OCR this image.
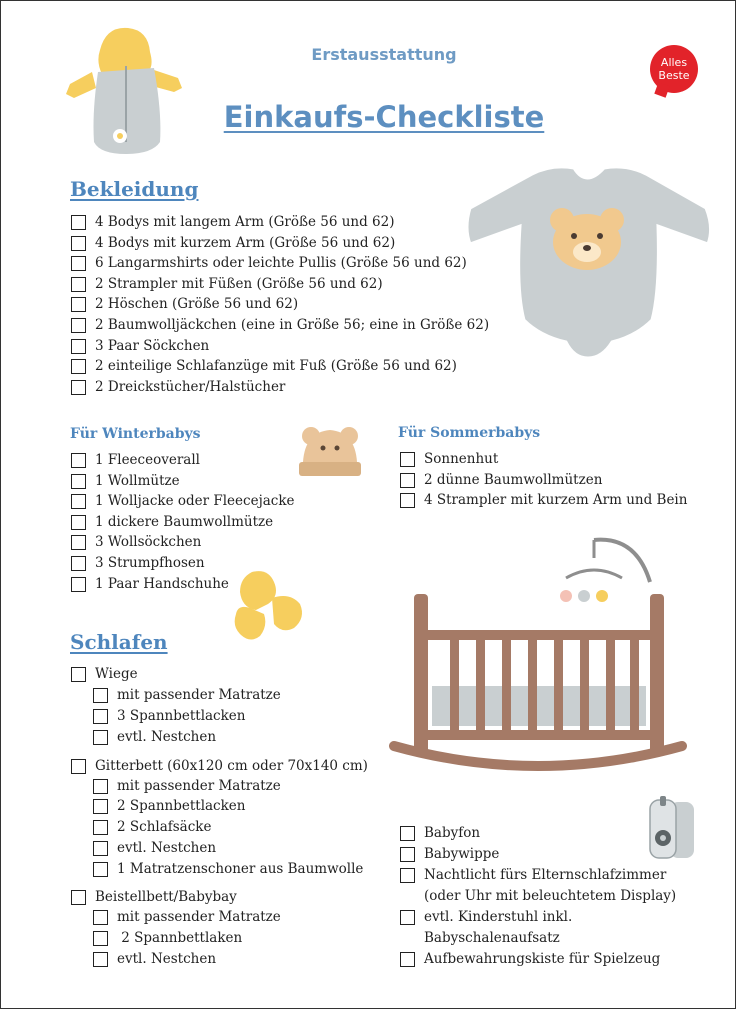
Erstausstattung
Einkaufs-Checkliste
Alles
Beste
Bekleidung
4 Bodys mit langem Arm (Größe 56 und 62)
4 Bodys mit kurzem Arm (Größe 56 und 62)
6 Langarmshirts oder leichte Pullis (Größe 56 und 62)
2 Strampler mit Füßen (Größe 56 und 62)
2 Höschen (Größe 56 und 62)
2 Baumwolljäckchen (eine in Größe 56; eine in Größe 62)
3 Paar Söckchen
2 einteilige Schlafanzüge mit Fuß (Größe 56 und 62)
2 Dreickstücher/Halstücher
Für Winterbabys
1 Fleeceoverall
1 Wollmütze
1 Wolljacke oder Fleecejacke
1 dickere Baumwollmütze
3 Wollsöckchen
3 Strumpfhosen
1 Paar Handschuhe
Für Sommerbabys
Sonnenhut
2 dünne Baumwollmützen
4 Strampler mit kurzem Arm und Bein
Schlafen
Wiege
mit passender Matratze
3 Spannbettlacken
evtl. Nestchen
Gitterbett (60x120 cm oder 70x140 cm)
mit passender Matratze
2 Spannbettlacken
2 Schlafsäcke
evtl. Nestchen
1 Matratzenschoner aus Baumwolle
Beistellbett/Babybay
mit passender Matratze
2 Spannbettlaken
evtl. Nestchen
Babyfon
Babywippe
Nachtlicht fürs Elternschlafzimmer
(oder Uhr mit beleuchtetem Display)
evtl. Kinderstuhl inkl.
Babyschalenaufsatz
Aufbewahrungskiste für Spielzeug
